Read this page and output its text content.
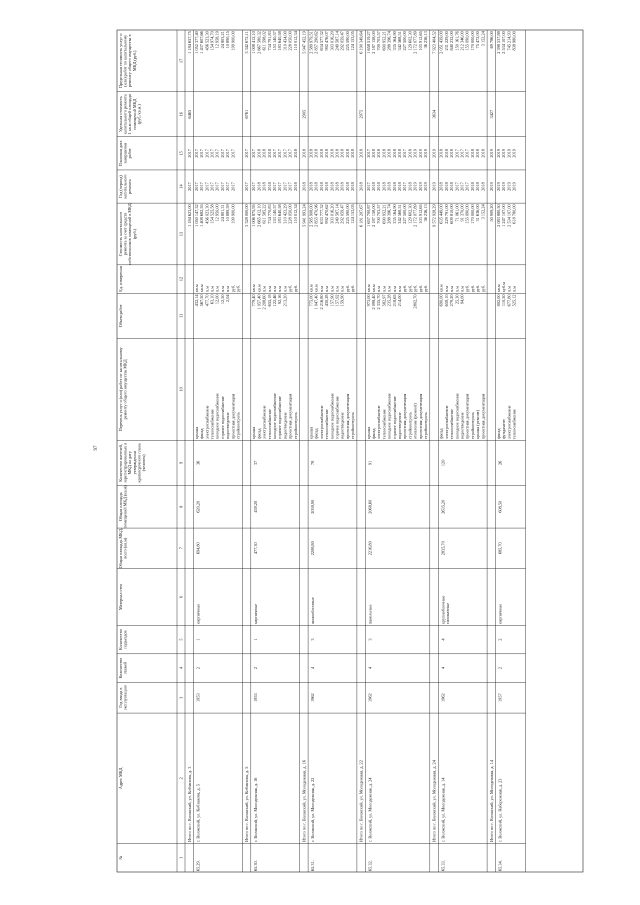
97
№
Адрес МКД
Год ввода в эксплуатацию
Количество этажей
Количество подъездов
Материал стен
Общая площадь МКД, всего (кв.м)
Общая площадь помещений МКД (кв.м)
Количество жителей, зарегистрированных в МКД на дату утверждения краткосрочного плана (человек)
Перечень услуг и (или) работ по капитальному ремонту общего имущества МКД
Объем работ
Ед. измерения
Стоимость капитального ремонта за счет средств собственников помещений в МКД (руб.)
Год (период) капитального ремонта
Плановая дата завершения работ
Удельная стоимость капитального ремонта 1 кв.м общей площади помещений МКД (руб./кв.м.)
Предельная стоимость услуг и (или) работ по капитальному ремонту общего имущества в МКД (руб.)
1
2
3
4
5
6
7
8
9
10
11
12
13
14
15
16
17
Итого по г. Волжский, ул. Кобзанова, д. 3
1 184 623,00
2017
2017
6465
1 184 657,75
65.29.
г. Волжский, ул. Кобзанова, д. 5
1953
2
1
кирпичные
694,80
620,20
36
крыша
432,14
кв.м
1 050 147,32
2017
2017
1 052 377,40
фасад
567,50
кв.м
1 408 682,55
2017
2017
1 437 607,66
электроснабжение
477,70
п.м
456 023,30
2017
2017
456 523,30
теплоснабжение
63,10
п.м
154 525,58
2017
2017
154 974,70
холодное водоснабжение
12,00
п.м
12 950,00
2017
2017
12 958,19
горячее водоснабжение
12,50
п.м
24 801,31
2017
2017
24 803,21
водоотведение
2,04
п.м
10 889,59
2017
2017
10 890,15
проектная документация
руб.
199 900,00
2017
2017
199 900,00
стройконтроль
руб.
Итого по г. Волжский, ул. Кобзанова, д. 5
3 328 000,00
2017
2017
6761
3 342 672,11
65.30.
г. Волжский, ул. Молодежная, д. 16
1953
2
1
кирпичные
477,30
439,20
37
крыша
779,40
кв.м
1 006 875,95
2017
2017
1 008 412,10
фасад
1 057,40
кв.м
2 665 412,10
2018
2018
2 667 580,32
электроснабжение
2 208,60
п.м
611 585,22
2018
2018
611 598,02
теплоснабжение
655,18
п.м
734 770,83
2018
2018
734 791,83
холодное водоснабжение
122,46
п.м
153 140,57
2017
2017
153 140,57
горячее водоснабжение
92,16
п.м
183 640,58
2017
2017
183 640,58
водоотведение
213,20
п.м
310 423,29
2017
2017
310 434,00
проектная документация
руб.
228 050,00
2017
2017
228 050,00
стройконтроль
руб.
110 012,34
2018
2018
110 012,34
Итого по г. Волжский, ул. Молодежная, д. 16
5 941 993,24
2018
2018
2905
5 947 452,19
65.31.
г. Волжский, ул. Молодежная, д. 22
1962
4
3
шлакоблочные
2208,80
2059,90
78
крыша
775,00
кв.м
2 585 908,00
2018
2018
2 589 979,51
фасад
1 047,40
кв.м
2 855 470,96
2018
2018
2 857 290,62
электроснабжение
2 216,80
п.м
633 777,32
2018
2018
634 577,32
теплоснабжение
430,28
п.м
992 470,62
2018
2018
992 476,07
холодное водоснабжение
157,90
п.м
303 016,20
2018
2018
303 016,20
горячее водоснабжение
157,92
п.м
249 587,14
2018
2018
249 587,14
водоотведение
159,90
п.м
292 059,47
2018
2018
292 059,47
проектная документация
руб.
225 590,00
2018
2018
225 590,00
стройконтроль
руб.
124 153,05
2018
2018
124 153,05
Итого по г. Волжский, ул. Молодежная, д. 22
6 181 207,67
2018
2018
2975
6 190 349,64
65.32.
г. Волжский, ул. Молодежная, д. 24
1962
4
3
панельные
2216,80
2068,60
91
крыша
973,00
кв.м
1 657 700,87
2017
2017
1 658 519,27
фасад
2 098,40
кв.м
2 187 158,00
2018
2018
2 187 158,00
электроснабжение
2 335,70
п.м
700 703,57
2018
2018
700 703,57
теплоснабжение
582,97
п.м
690 952,21
2018
2018
690 952,21
холодное водоснабжение
235,28
п.м
288 396,74
2018
2018
288 396,74
горячее водоснабжение
218,65
п.м
335 164,90
2018
2018
335 164,90
водоотведение
214,00
п.м
342 568,51
2018
2018
342 568,51
проектная документация
руб.
227 500,00
2017
2017
227 500,00
стройконтроль
руб.
129 602,30
2018
2018
129 602,30
отопление (ремонт)
2802,70
руб.
2 172 077,89
2019
2019
2 172 077,89
проектная документация
руб.
103 912,65
2019
2019
103 912,65
стройконтроль
руб.
36 236,13
2019
2019
36 236,13
Итого по г. Волжский, ул. Молодежная, д. 24
9 572 928,29
2019
2019
3634
7 923 404,52
65.33.
г. Волжский, ул. Молодежная, д. 14
1962
4
4
крупноблочные силикатные
2835,70
2635,20
120
фасад
690,00
кв.м
635 449,00
2018
2018
2 051 439,00
электроснабжение
659,10
п.м
229 791,00
2018
2018
231 229,00
теплоснабжение
279,20
п.м
609 810,00
2018
2018
840 232,00
холодное водоснабжение
25,30
п.м
71 061,00
2017
2017
150 161,76
водоотведение
94,00
п.м
91 370,00
2017
2017
212 346,00
проектная документация
руб.
155 090,00
2017
2017
155 090,00
стройконтроль
руб.
170 000,00
2018
2018
170 000,00
крыша (ремонт)
руб.
31 636,00
2018
2018
75 472,00
проектная документация
руб.
3 152,24
2018
2018
3 152,24
Итого по г. Волжский, ул. Молодежная, д. 14
50 909,20
2019
2019
3427
69 786,00
65.34.
г. Волжский, ул. Набережная, д. 23
1957
2
2
кирпичные
685,70
608,50
26
фасад
802,00
кв.м
2 083 880,50
2019
2019
2 398 537,88
фундамент
110,50
куб.м
1 247 107,00
2019
2019
2 534 107,00
электроснабжение
677,80
п.м
2 534 107,00
2019
2019
745 214,93
теплоснабжение
525,12
п.м
618 780,00
2019
2019
838 980,00
